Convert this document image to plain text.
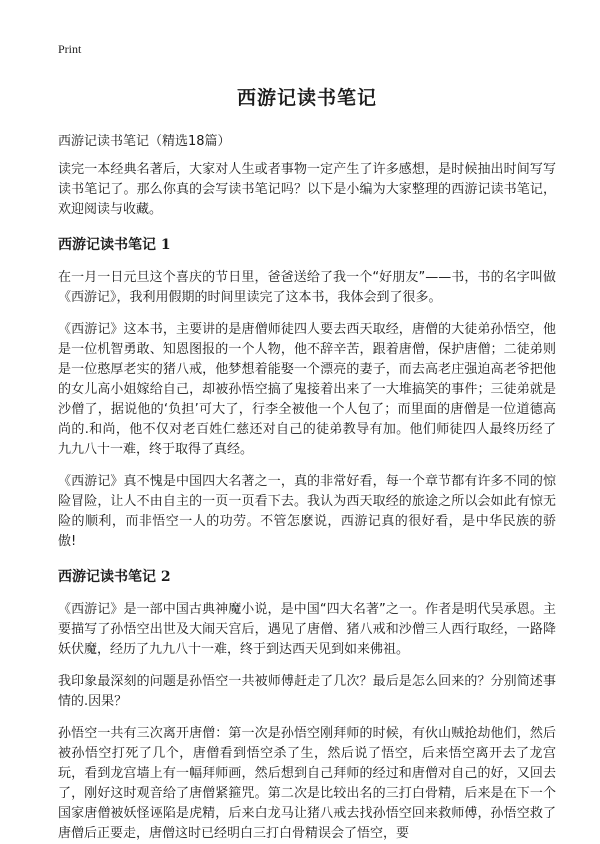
Print
西游记读书笔记
西游记读书笔记（精选18篇）

读完一本经典名著后，大家对人生或者事物一定产生了许多感想，是时候抽出时间写写读书笔记了。那么你真的会写读书笔记吗？以下是小编为大家整理的西游记读书笔记，欢迎阅读与收藏。

西游记读书笔记 1

在一月一日元旦这个喜庆的节日里，爸爸送给了我一个“好朋友”——书，书的名字叫做《西游记》，我利用假期的时间里读完了这本书，我体会到了很多。

《西游记》这本书，主要讲的是唐僧师徒四人要去西天取经，唐僧的大徒弟孙悟空，他是一位机智勇敢、知恩图报的一个人物，他不辞辛苦，跟着唐僧，保护唐僧；二徒弟则是一位憨厚老实的猪八戒，他梦想着能娶一个漂亮的妻子，而去高老庄强迫高老爷把他的女儿高小姐嫁给自己，却被孙悟空搞了鬼接着出来了一大堆搞笑的事件；三徒弟就是沙僧了，据说他的‘负担’可大了，行李全被他一个人包了；而里面的唐僧是一位道德高尚的.和尚，他不仅对老百姓仁慈还对自己的徒弟教导有加。他们师徒四人最终历经了九九八十一难，终于取得了真经。

《西游记》真不愧是中国四大名著之一，真的非常好看，每一个章节都有许多不同的惊险冒险，让人不由自主的一页一页看下去。我认为西天取经的旅途之所以会如此有惊无险的顺利，而非悟空一人的功劳。不管怎麽说，西游记真的很好看，是中华民族的骄傲!

西游记读书笔记 2

《西游记》是一部中国古典神魔小说，是中国“四大名著”之一。作者是明代吴承恩。主要描写了孙悟空出世及大闹天宫后，遇见了唐僧、猪八戒和沙僧三人西行取经，一路降妖伏魔，经历了九九八十一难，终于到达西天见到如来佛祖。

我印象最深刻的问题是孙悟空一共被师傅赶走了几次？最后是怎么回来的？分别简述事情的.因果？

孙悟空一共有三次离开唐僧：第一次是孙悟空刚拜师的时候，有伙山贼抢劫他们，然后被孙悟空打死了几个，唐僧看到悟空杀了生，然后说了悟空，后来悟空离开去了龙宫玩，看到龙宫墙上有一幅拜师画，然后想到自己拜师的经过和唐僧对自己的好，又回去了，刚好这时观音给了唐僧紧箍咒。第二次是比较出名的三打白骨精，后来是在下一个国家唐僧被妖怪诬陷是虎精，后来白龙马让猪八戒去找孙悟空回来救师傅，孙悟空救了唐僧后正要走，唐僧这时已经明白三打白骨精误会了悟空，要
